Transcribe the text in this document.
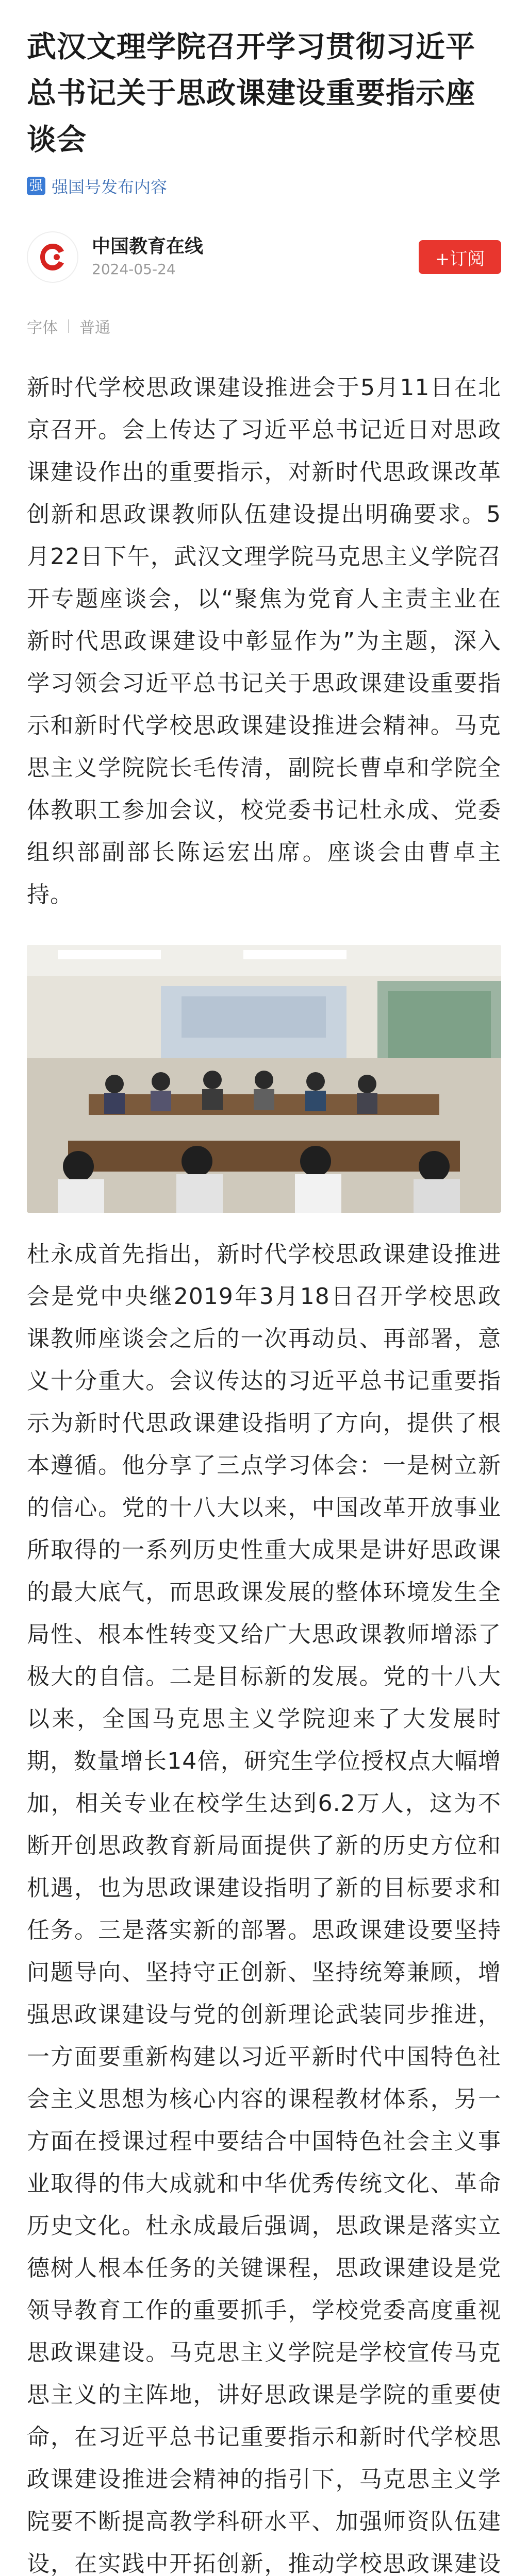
武汉文理学院召开学习贯彻习近平总书记关于思政课建设重要指示座谈会
强 强国号发布内容
中国教育在线
2024-05-24	+订阅
字体 普通

新时代学校思政课建设推进会于5月11日在北京召开。会上传达了习近平总书记近日对思政课建设作出的重要指示，对新时代思政课改革创新和思政课教师队伍建设提出明确要求。5月22日下午，武汉文理学院马克思主义学院召开专题座谈会，以“聚焦为党育人主责主业在新时代思政课建设中彰显作为”为主题，深入学习领会习近平总书记关于思政课建设重要指示和新时代学校思政课建设推进会精神。马克思主义学院院长毛传清，副院长曹卓和学院全体教职工参加会议，校党委书记杜永成、党委组织部副部长陈运宏出席。座谈会由曹卓主持。

杜永成首先指出，新时代学校思政课建设推进会是党中央继2019年3月18日召开学校思政课教师座谈会之后的一次再动员、再部署，意义十分重大。会议传达的习近平总书记重要指示为新时代思政课建设指明了方向，提供了根本遵循。他分享了三点学习体会：一是树立新的信心。党的十八大以来，中国改革开放事业所取得的一系列历史性重大成果是讲好思政课的最大底气，而思政课发展的整体环境发生全局性、根本性转变又给广大思政课教师增添了极大的自信。二是目标新的发展。党的十八大以来，全国马克思主义学院迎来了大发展时期，数量增长14倍，研究生学位授权点大幅增加，相关专业在校学生达到6.2万人，这为不断开创思政教育新局面提供了新的历史方位和机遇，也为思政课建设指明了新的目标要求和任务。三是落实新的部署。思政课建设要坚持问题导向、坚持守正创新、坚持统筹兼顾，增强思政课建设与党的创新理论武装同步推进，一方面要重新构建以习近平新时代中国特色社会主义思想为核心内容的课程教材体系，另一方面在授课过程中要结合中国特色社会主义事业取得的伟大成就和中华优秀传统文化、革命历史文化。杜永成最后强调，思政课是落实立德树人根本任务的关键课程，思政课建设是党领导教育工作的重要抓手，学校党委高度重视思政课建设。马克思主义学院是学校宣传马克思主义的主阵地，讲好思政课是学院的重要使命，在习近平总书记重要指示和新时代学校思政课建设推进会精神的指引下，马克思主义学院要不断提高教学科研水平、加强师资队伍建设，在实践中开拓创新，推动学校思政课建设
